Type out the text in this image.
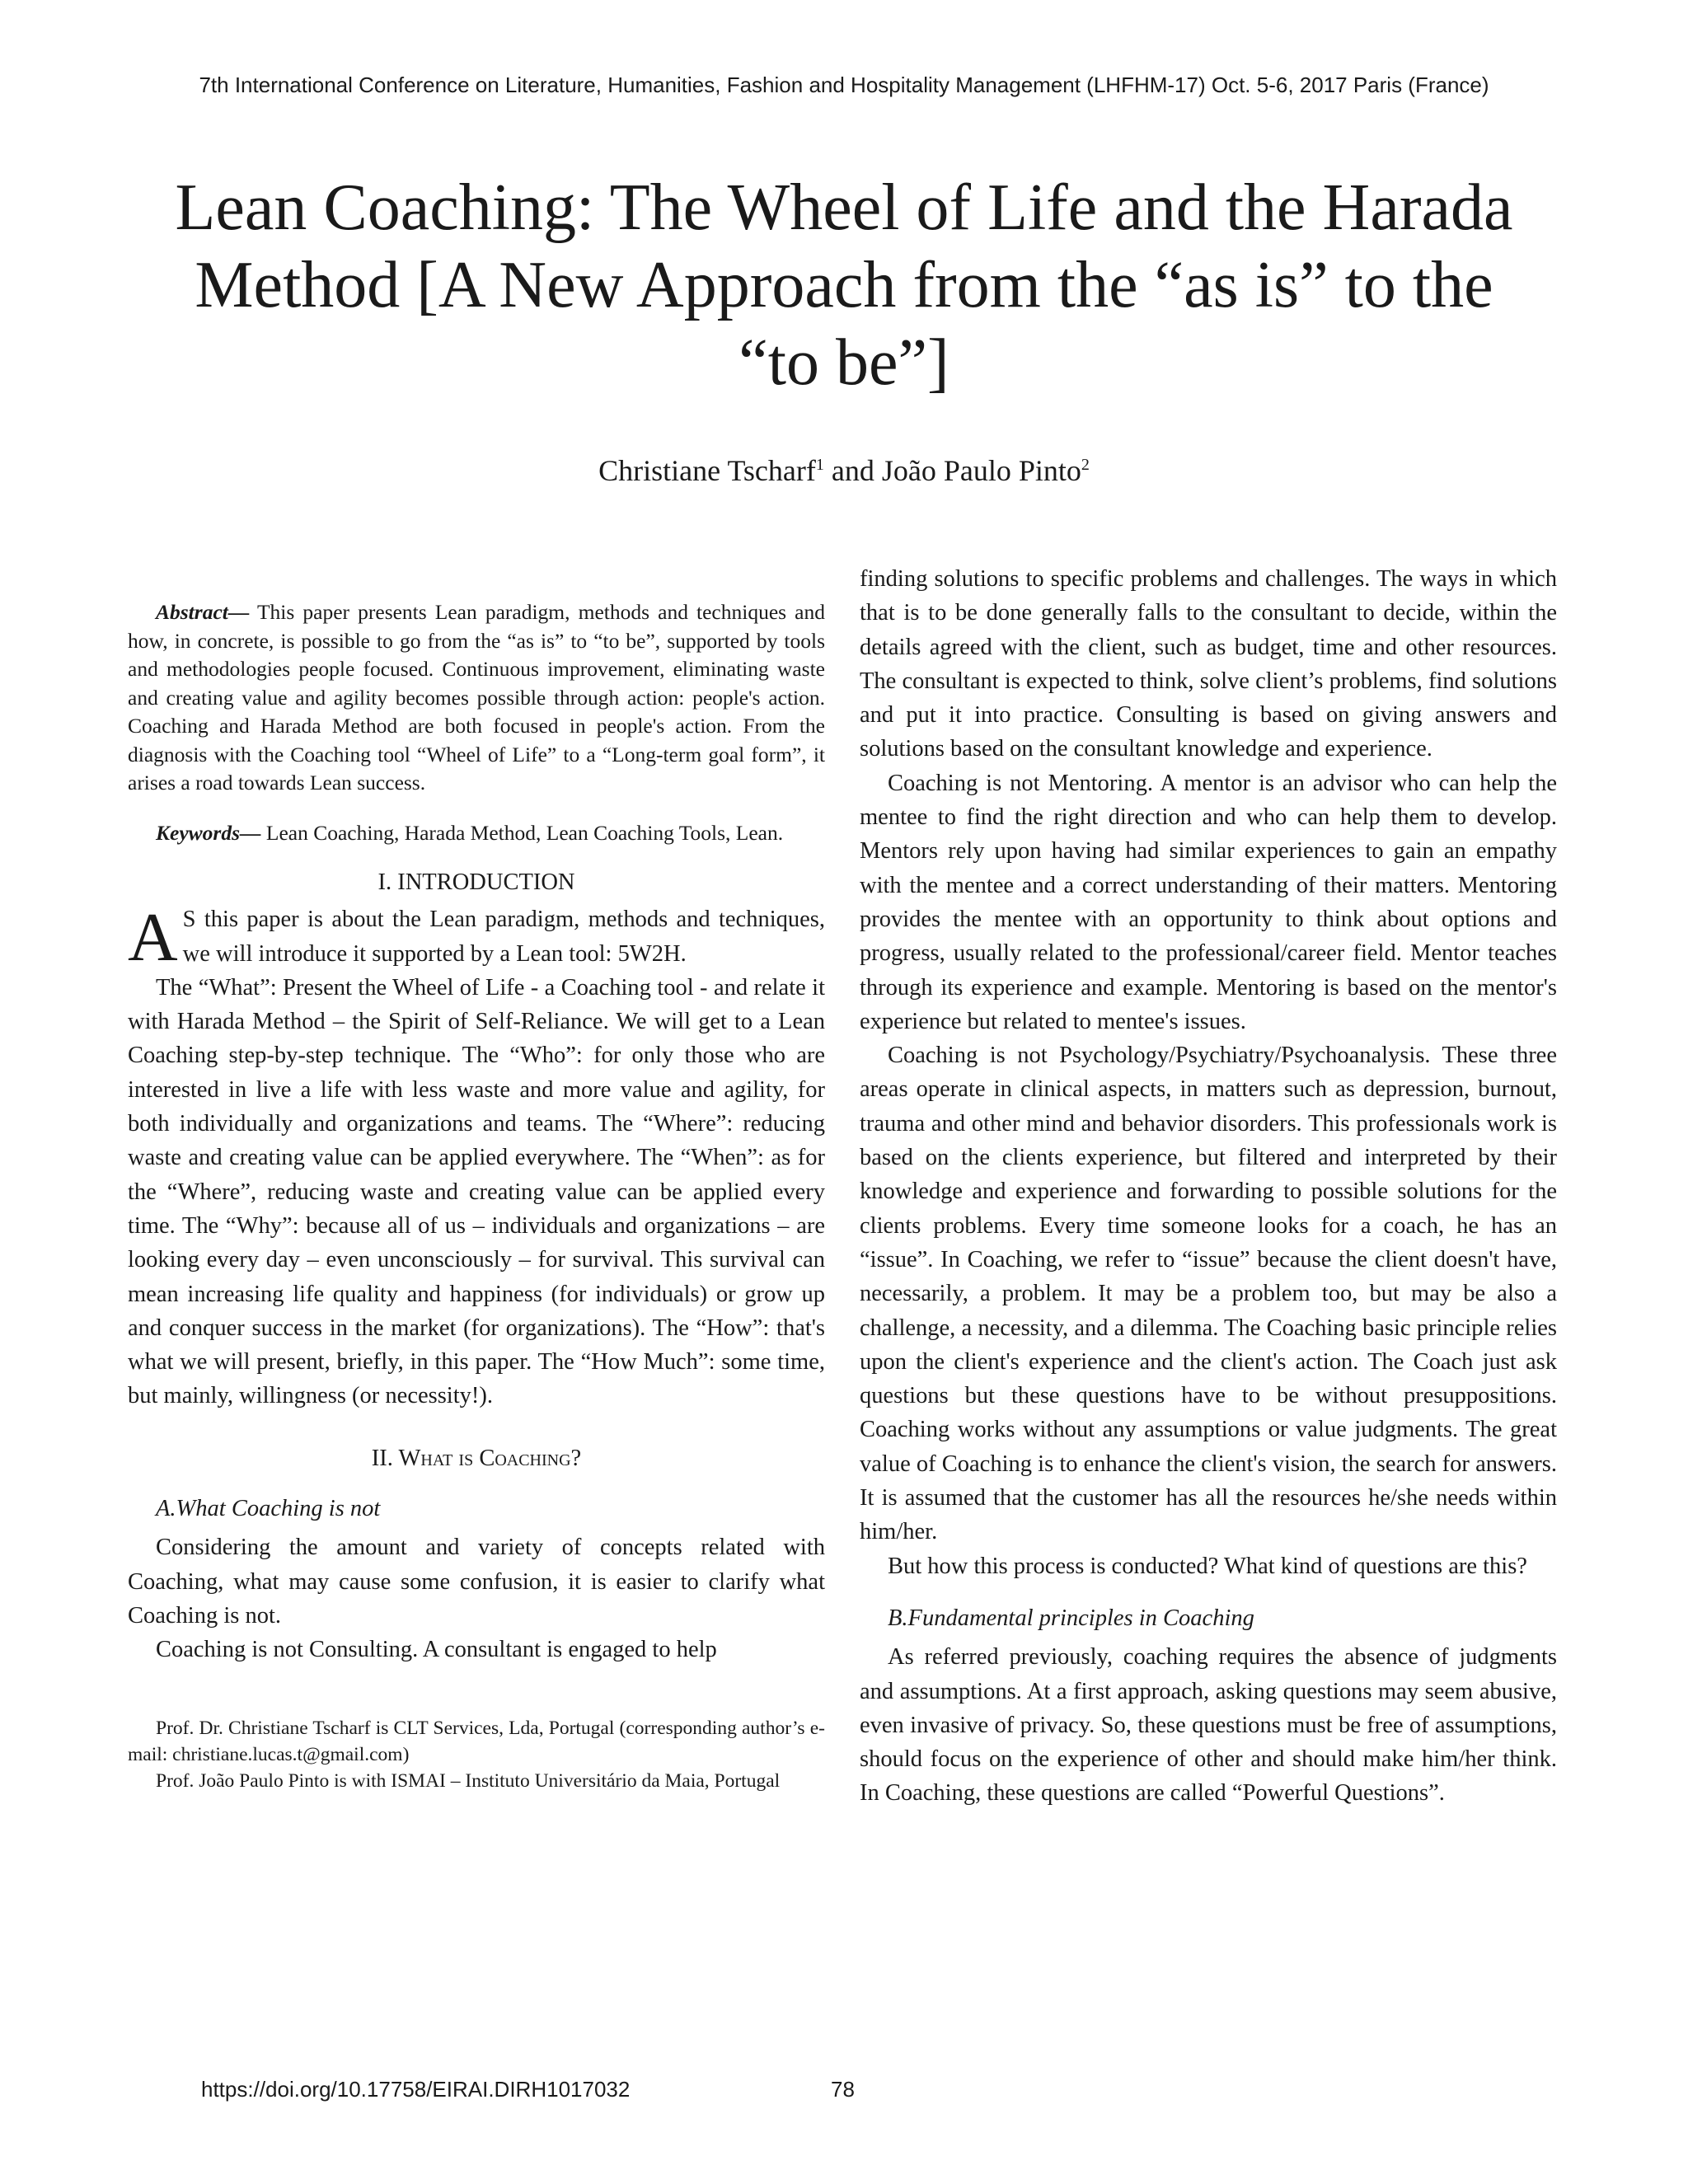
7th International Conference on Literature, Humanities, Fashion and Hospitality Management (LHFHM-17) Oct. 5-6, 2017 Paris (France)
Lean Coaching: The Wheel of Life and the Harada Method [A New Approach from the “as is” to the “to be”]
Christiane Tscharf$^1$ and João Paulo Pinto$^2$

Abstract— This paper presents Lean paradigm, methods and techniques and how, in concrete, is possible to go from the “as is” to “to be”, supported by tools and methodologies people focused. Continuous improvement, eliminating waste and creating value and agility becomes possible through action: people's action. Coaching and Harada Method are both focused in people's action. From the diagnosis with the Coaching tool “Wheel of Life” to a “Long-term goal form”, it arises a road towards Lean success.

Keywords— Lean Coaching, Harada Method, Lean Coaching Tools, Lean.

I. INTRODUCTION

A S this paper is about the Lean paradigm, methods and techniques, we will introduce it supported by a Lean tool: 5W2H.

The “What”: Present the Wheel of Life - a Coaching tool - and relate it with Harada Method – the Spirit of Self-Reliance. We will get to a Lean Coaching step-by-step technique. The “Who”: for only those who are interested in live a life with less waste and more value and agility, for both individually and organizations and teams. The “Where”: reducing waste and creating value can be applied everywhere. The “When”: as for the “Where”, reducing waste and creating value can be applied every time. The “Why”: because all of us – individuals and organizations – are looking every day – even unconsciously – for survival. This survival can mean increasing life quality and happiness (for individuals) or grow up and conquer success in the market (for organizations). The “How”: that's what we will present, briefly, in this paper. The “How Much”: some time, but mainly, willingness (or necessity!).

II. What is Coaching?

A.What Coaching is not

Considering the amount and variety of concepts related with Coaching, what may cause some confusion, it is easier to clarify what Coaching is not.

Coaching is not Consulting. A consultant is engaged to help

Prof. Dr. Christiane Tscharf is CLT Services, Lda, Portugal (corresponding author’s e-mail: christiane.lucas.t@gmail.com)

Prof. João Paulo Pinto is with ISMAI – Instituto Universitário da Maia, Portugal

finding solutions to specific problems and challenges. The ways in which that is to be done generally falls to the consultant to decide, within the details agreed with the client, such as budget, time and other resources. The consultant is expected to think, solve client’s problems, find solutions and put it into practice. Consulting is based on giving answers and solutions based on the consultant knowledge and experience.

Coaching is not Mentoring. A mentor is an advisor who can help the mentee to find the right direction and who can help them to develop. Mentors rely upon having had similar experiences to gain an empathy with the mentee and a correct understanding of their matters. Mentoring provides the mentee with an opportunity to think about options and progress, usually related to the professional/career field. Mentor teaches through its experience and example. Mentoring is based on the mentor's experience but related to mentee's issues.

Coaching is not Psychology/Psychiatry/Psychoanalysis. These three areas operate in clinical aspects, in matters such as depression, burnout, trauma and other mind and behavior disorders. This professionals work is based on the clients experience, but filtered and interpreted by their knowledge and experience and forwarding to possible solutions for the clients problems. Every time someone looks for a coach, he has an “issue”. In Coaching, we refer to “issue” because the client doesn't have, necessarily, a problem. It may be a problem too, but may be also a challenge, a necessity, and a dilemma. The Coaching basic principle relies upon the client's experience and the client's action. The Coach just ask questions but these questions have to be without presuppositions. Coaching works without any assumptions or value judgments. The great value of Coaching is to enhance the client's vision, the search for answers. It is assumed that the customer has all the resources he/she needs within him/her.

But how this process is conducted? What kind of questions are this?

B.Fundamental principles in Coaching

As referred previously, coaching requires the absence of judgments and assumptions. At a first approach, asking questions may seem abusive, even invasive of privacy. So, these questions must be free of assumptions, should focus on the experience of other and should make him/her think. In Coaching, these questions are called “Powerful Questions”.

https://doi.org/10.17758/EIRAI.DIRH1017032	78
